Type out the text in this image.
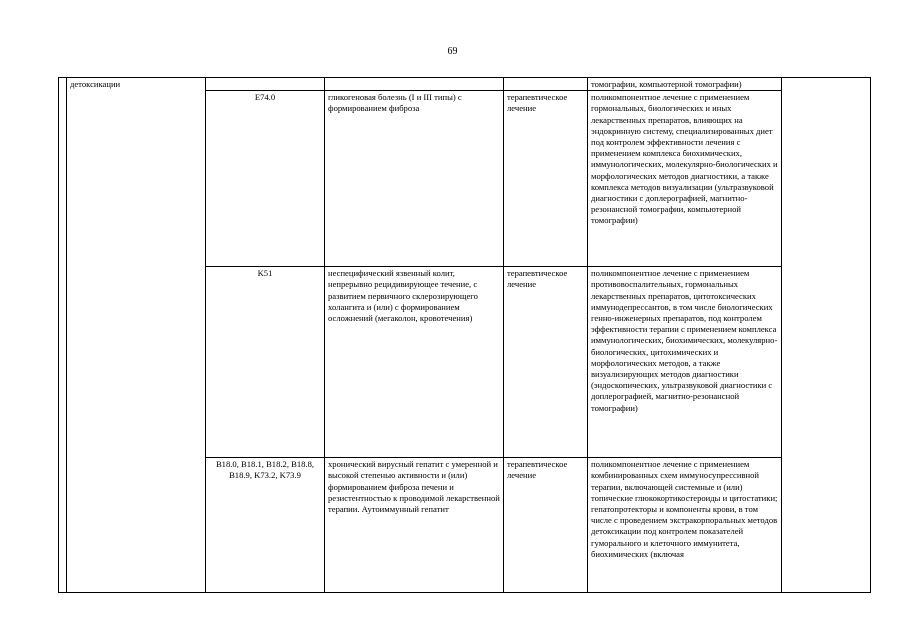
69
	детоксикации				томографии, компьютерной томографии)	
		E74.0	гликогеновая болезнь (I и III типы) с формированием фиброза	терапевтическое лечение	поликомпонентное лечение с применением гормональных, биологических и иных лекарственных препаратов, влияющих на эндокринную систему, специализированных диет под контролем эффективности лечения с применением комплекса биохимических, иммунологических, молекулярно-биологических и морфологических методов диагностики, а также комплекса методов визуализации (ультразвуковой диагностики с доплерографией, магнитно-резонансной томографии, компьютерной томографии)	
		K51	неспецифический язвенный колит, непрерывно рецидивирующее течение, с развитием первичного склерозирующего холангита и (или) с формированием осложнений (мегаколон, кровотечения)	терапевтическое лечение	поликомпонентное лечение с применением противовоспалительных, гормональных лекарственных препаратов, цитотоксических иммунодепрессантов, в том числе биологических генно-инженерных препаратов, под контролем эффективности терапии с применением комплекса иммунологических, биохимических, молекулярно-биологических, цитохимических и морфологических методов, а также визуализирующих методов диагностики (эндоскопических, ультразвуковой диагностики с доплерографией, магнитно-резонансной томографии)	
		B18.0, B18.1, B18.2, B18.8, B18.9, K73.2, K73.9	хронический вирусный гепатит с умеренной и высокой степенью активности и (или) формированием фиброза печени и резистентностью к проводимой лекарственной терапии. Аутоиммунный гепатит	терапевтическое лечение	поликомпонентное лечение с применением комбинированных схем иммуносупрессивной терапии, включающей системные и (или) топические глюкокортикостероиды и цитостатики; гепатопротекторы и компоненты крови, в том числе с проведением экстракорпоральных методов детоксикации под контролем показателей гуморального и клеточного иммунитета, биохимических (включая	
